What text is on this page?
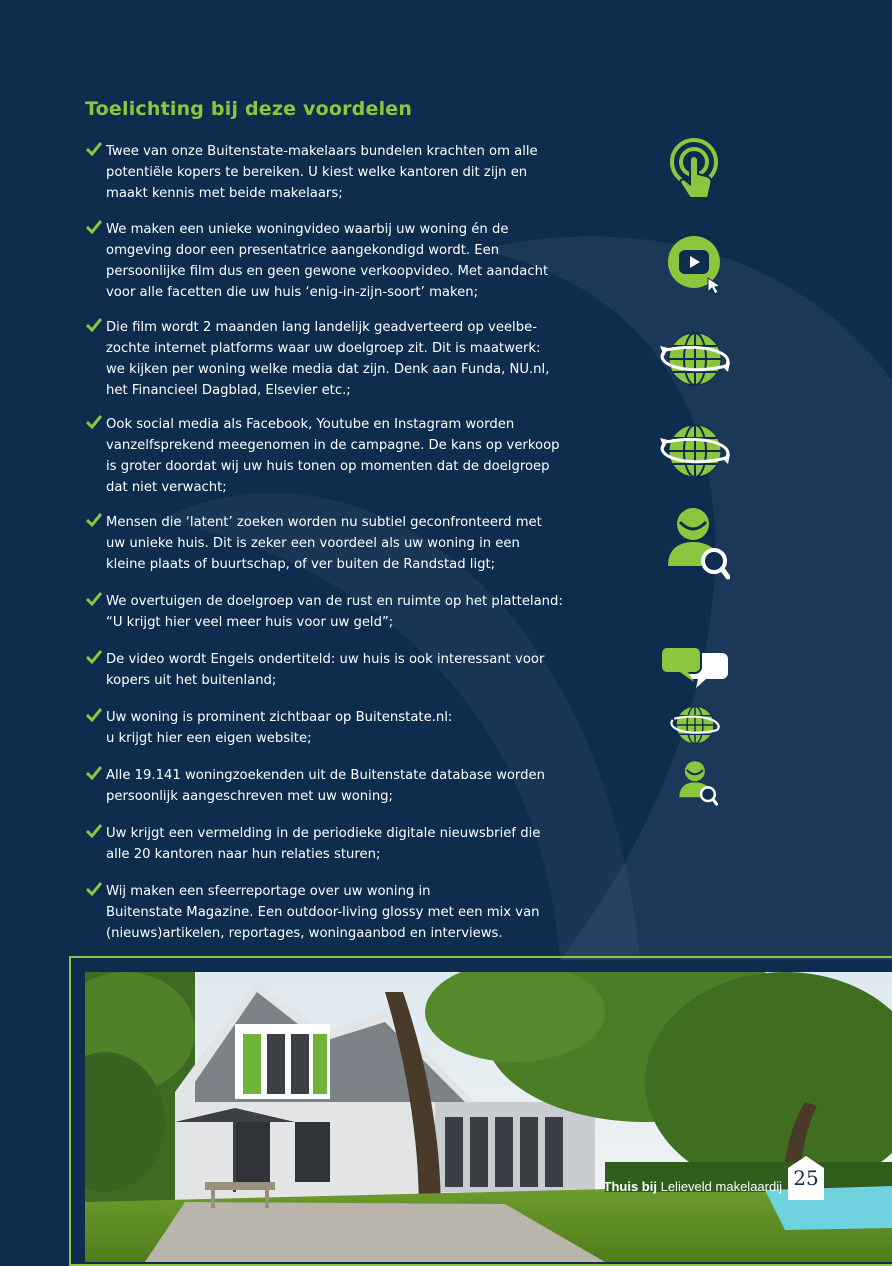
Toelichting bij deze voordelen
Twee van onze Buitenstate-makelaars bundelen krachten om alle
potentiële kopers te bereiken. U kiest welke kantoren dit zijn en
maakt kennis met beide makelaars;
We maken een unieke woningvideo waarbij uw woning én de
omgeving door een presentatrice aangekondigd wordt. Een
persoonlijke film dus en geen gewone verkoopvideo. Met aandacht
voor alle facetten die uw huis ‘enig-in-zijn-soort’ maken;
Die film wordt 2 maanden lang landelijk geadverteerd op veelbe-
zochte internet platforms waar uw doelgroep zit. Dit is maatwerk:
we kijken per woning welke media dat zijn. Denk aan Funda, NU.nl,
het Financieel Dagblad, Elsevier etc.;
Ook social media als Facebook, Youtube en Instagram worden
vanzelfsprekend meegenomen in de campagne. De kans op verkoop
is groter doordat wij uw huis tonen op momenten dat de doelgroep
dat niet verwacht;
Mensen die ‘latent’ zoeken worden nu subtiel geconfronteerd met
uw unieke huis. Dit is zeker een voordeel als uw woning in een
kleine plaats of buurtschap, of ver buiten de Randstad ligt;
We overtuigen de doelgroep van de rust en ruimte op het platteland:
“U krijgt hier veel meer huis voor uw geld”;
De video wordt Engels ondertiteld: uw huis is ook interessant voor
kopers uit het buitenland;
Uw woning is prominent zichtbaar op Buitenstate.nl:
u krijgt hier een eigen website;
Alle 19.141 woningzoekenden uit de Buitenstate database worden
persoonlijk aangeschreven met uw woning;
Uw krijgt een vermelding in de periodieke digitale nieuwsbrief die
alle 20 kantoren naar hun relaties sturen;
Wij maken een sfeerreportage over uw woning in
Buitenstate Magazine. Een outdoor-living glossy met een mix van
(nieuws)artikelen, reportages, woningaanbod en interviews.
Thuis bij Lelieveld makelaardij 25
